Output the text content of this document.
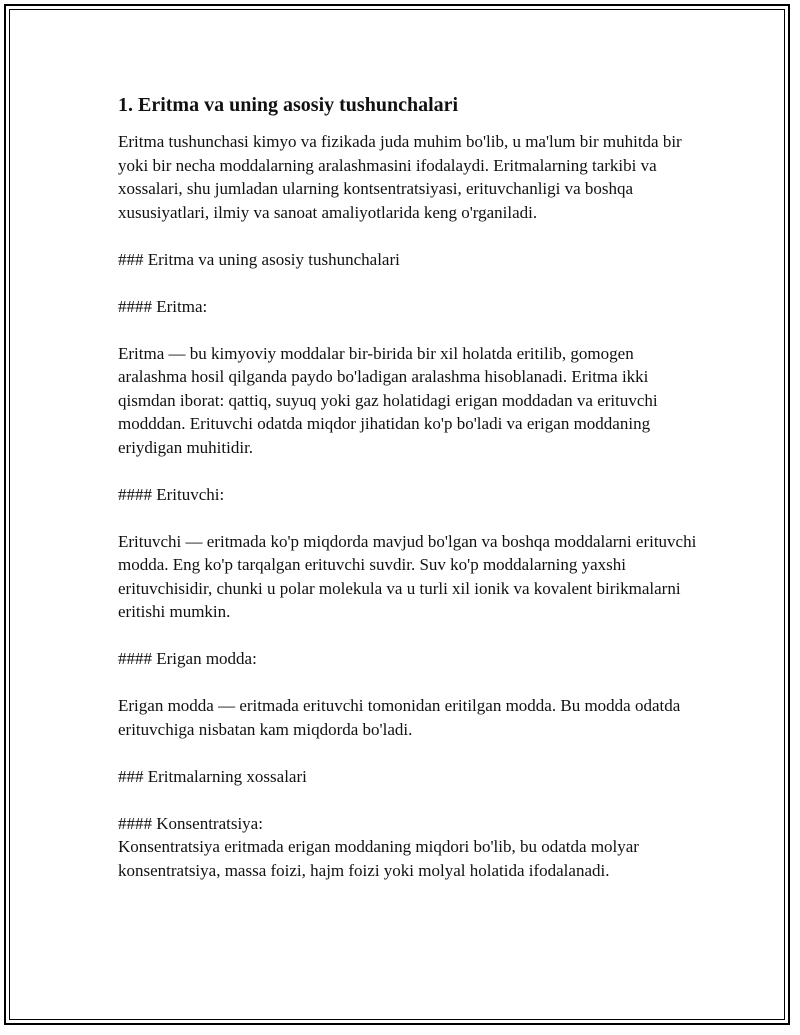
1. Eritma va uning asosiy tushunchalari

Eritma tushunchasi kimyo va fizikada juda muhim bo'lib, u ma'lum bir muhitda bir yoki bir necha moddalarning aralashmasini ifodalaydi. Eritmalarning tarkibi va xossalari, shu jumladan ularning kontsentratsiyasi, erituvchanligi va boshqa xususiyatlari, ilmiy va sanoat amaliyotlarida keng o'rganiladi.

### Eritma va uning asosiy tushunchalari

#### Eritma:

Eritma — bu kimyoviy moddalar bir-birida bir xil holatda eritilib, gomogen aralashma hosil qilganda paydo bo'ladigan aralashma hisoblanadi. Eritma ikki qismdan iborat: qattiq, suyuq yoki gaz holatidagi erigan moddadan va erituvchi modddan. Erituvchi odatda miqdor jihatidan ko'p bo'ladi va erigan moddaning eriydigan muhitidir.

#### Erituvchi:

Erituvchi — eritmada ko'p miqdorda mavjud bo'lgan va boshqa moddalarni erituvchi modda. Eng ko'p tarqalgan erituvchi suvdir. Suv ko'p moddalarning yaxshi erituvchisidir, chunki u polar molekula va u turli xil ionik va kovalent birikmalarni eritishi mumkin.

#### Erigan modda:

Erigan modda — eritmada erituvchi tomonidan eritilgan modda. Bu modda odatda erituvchiga nisbatan kam miqdorda bo'ladi.

### Eritmalarning xossalari

#### Konsentratsiya:

Konsentratsiya eritmada erigan moddaning miqdori bo'lib, bu odatda molyar konsentratsiya, massa foizi, hajm foizi yoki molyal holatida ifodalanadi.
